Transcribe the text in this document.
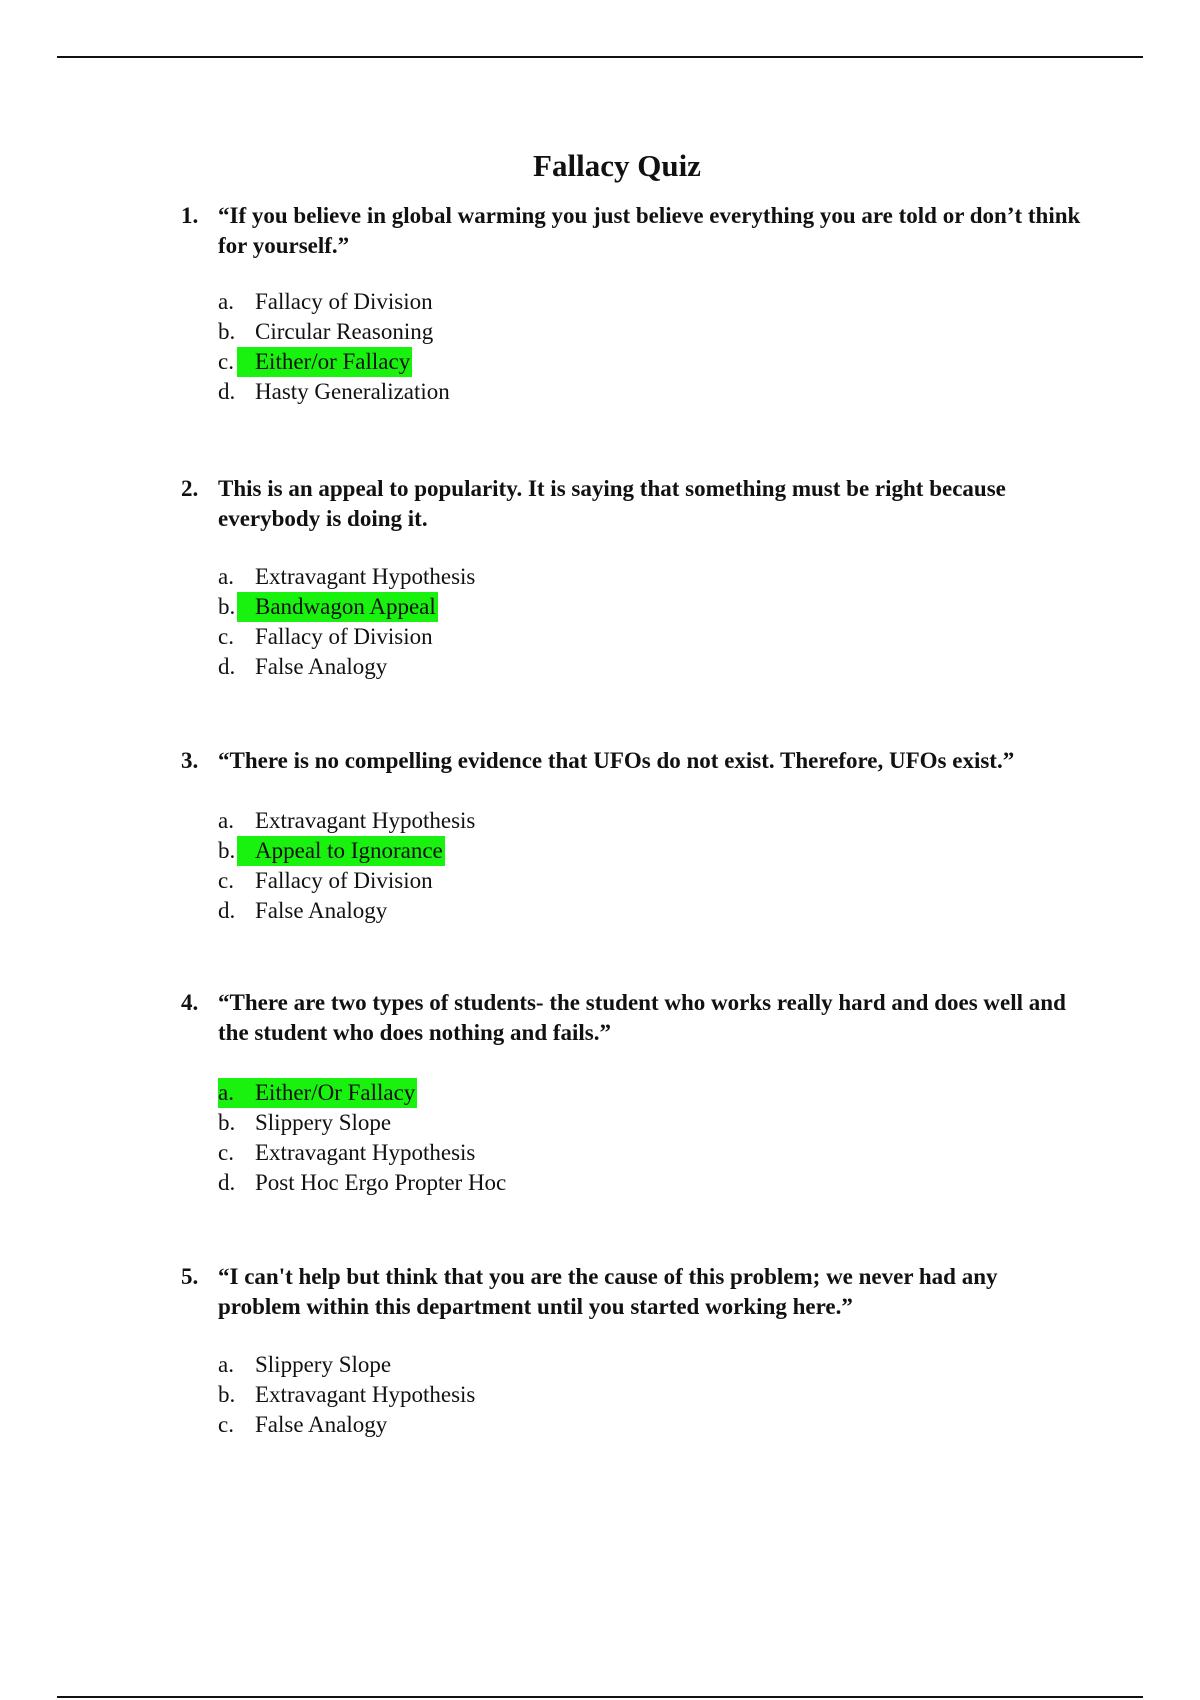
Fallacy Quiz
1. “If you believe in global warming you just believe everything you are told or don’t think for yourself.”
a. Fallacy of Division
b. Circular Reasoning
c. Either/or Fallacy
d. Hasty Generalization
2. This is an appeal to popularity. It is saying that something must be right because everybody is doing it.
a. Extravagant Hypothesis
b. Bandwagon Appeal
c. Fallacy of Division
d. False Analogy
3. “There is no compelling evidence that UFOs do not exist. Therefore, UFOs exist.”
a. Extravagant Hypothesis
b. Appeal to Ignorance
c. Fallacy of Division
d. False Analogy
4. “There are two types of students- the student who works really hard and does well and the student who does nothing and fails.”
a. Either/Or Fallacy
b. Slippery Slope
c. Extravagant Hypothesis
d. Post Hoc Ergo Propter Hoc
5. “I can't help but think that you are the cause of this problem; we never had any problem within this department until you started working here.”
a. Slippery Slope
b. Extravagant Hypothesis
c. False Analogy
